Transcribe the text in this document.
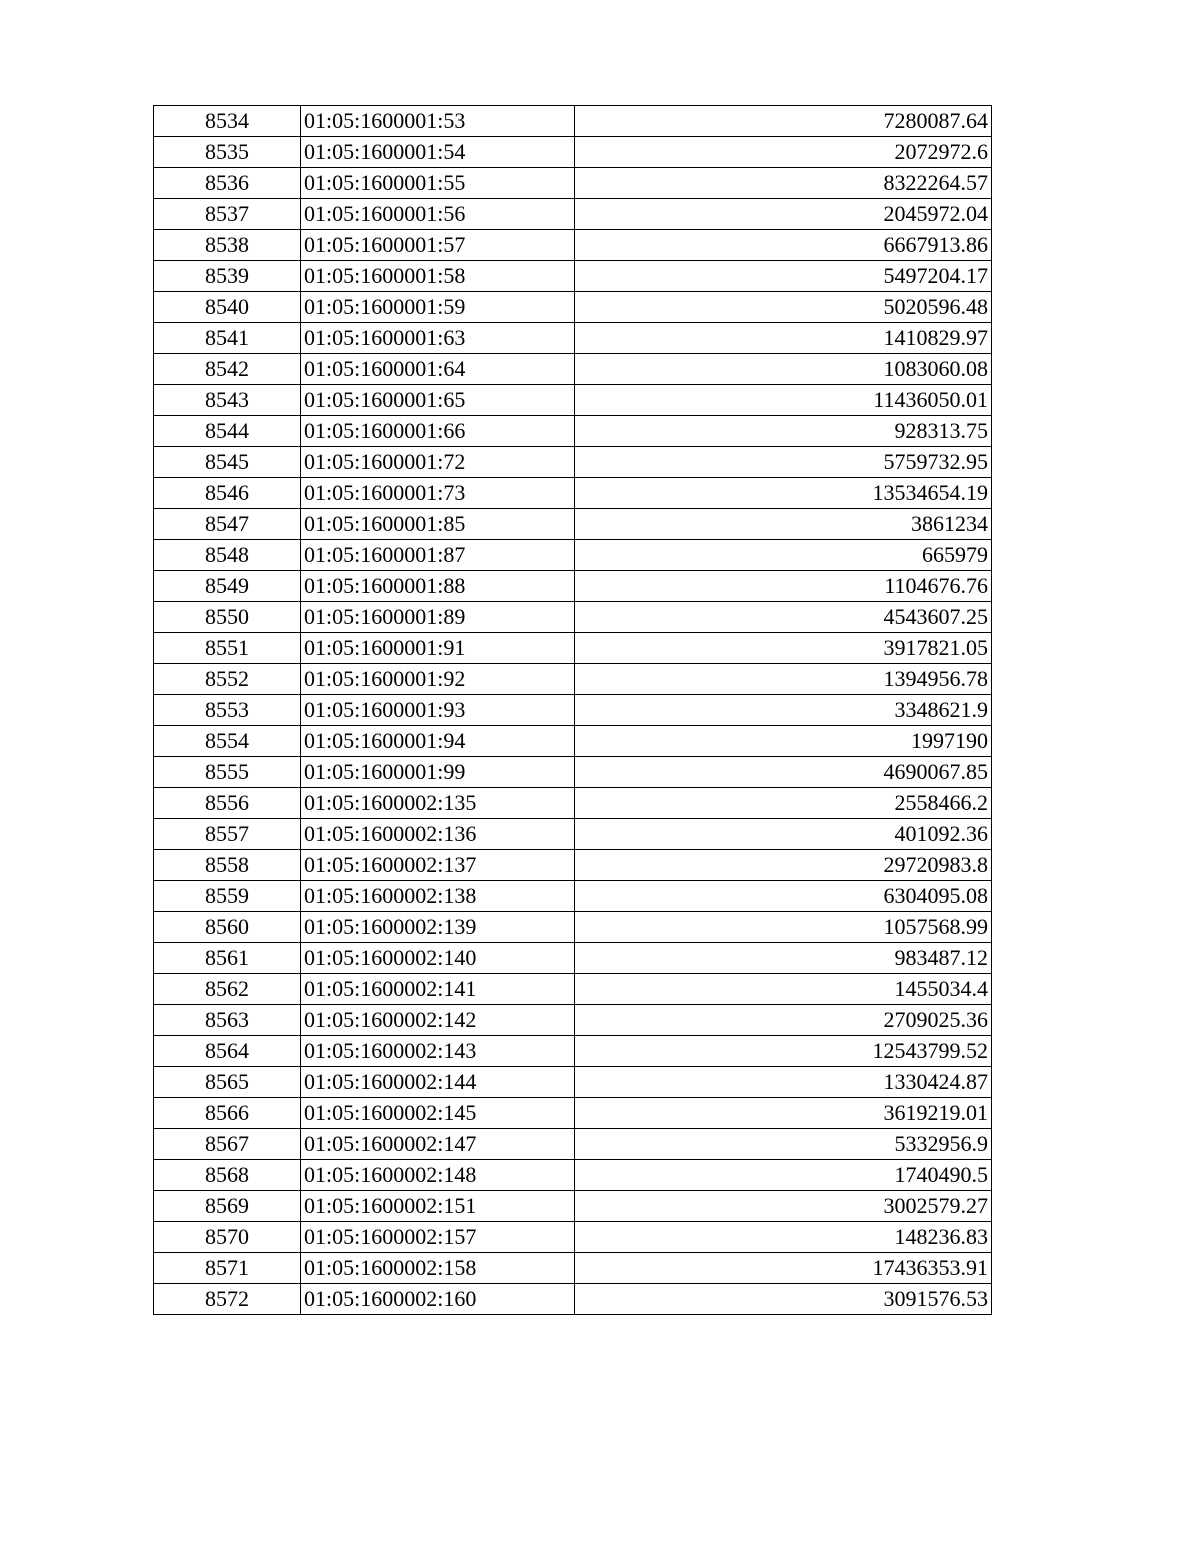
8534	01:05:1600001:53	7280087.64
8535	01:05:1600001:54	2072972.6
8536	01:05:1600001:55	8322264.57
8537	01:05:1600001:56	2045972.04
8538	01:05:1600001:57	6667913.86
8539	01:05:1600001:58	5497204.17
8540	01:05:1600001:59	5020596.48
8541	01:05:1600001:63	1410829.97
8542	01:05:1600001:64	1083060.08
8543	01:05:1600001:65	11436050.01
8544	01:05:1600001:66	928313.75
8545	01:05:1600001:72	5759732.95
8546	01:05:1600001:73	13534654.19
8547	01:05:1600001:85	3861234
8548	01:05:1600001:87	665979
8549	01:05:1600001:88	1104676.76
8550	01:05:1600001:89	4543607.25
8551	01:05:1600001:91	3917821.05
8552	01:05:1600001:92	1394956.78
8553	01:05:1600001:93	3348621.9
8554	01:05:1600001:94	1997190
8555	01:05:1600001:99	4690067.85
8556	01:05:1600002:135	2558466.2
8557	01:05:1600002:136	401092.36
8558	01:05:1600002:137	29720983.8
8559	01:05:1600002:138	6304095.08
8560	01:05:1600002:139	1057568.99
8561	01:05:1600002:140	983487.12
8562	01:05:1600002:141	1455034.4
8563	01:05:1600002:142	2709025.36
8564	01:05:1600002:143	12543799.52
8565	01:05:1600002:144	1330424.87
8566	01:05:1600002:145	3619219.01
8567	01:05:1600002:147	5332956.9
8568	01:05:1600002:148	1740490.5
8569	01:05:1600002:151	3002579.27
8570	01:05:1600002:157	148236.83
8571	01:05:1600002:158	17436353.91
8572	01:05:1600002:160	3091576.53
